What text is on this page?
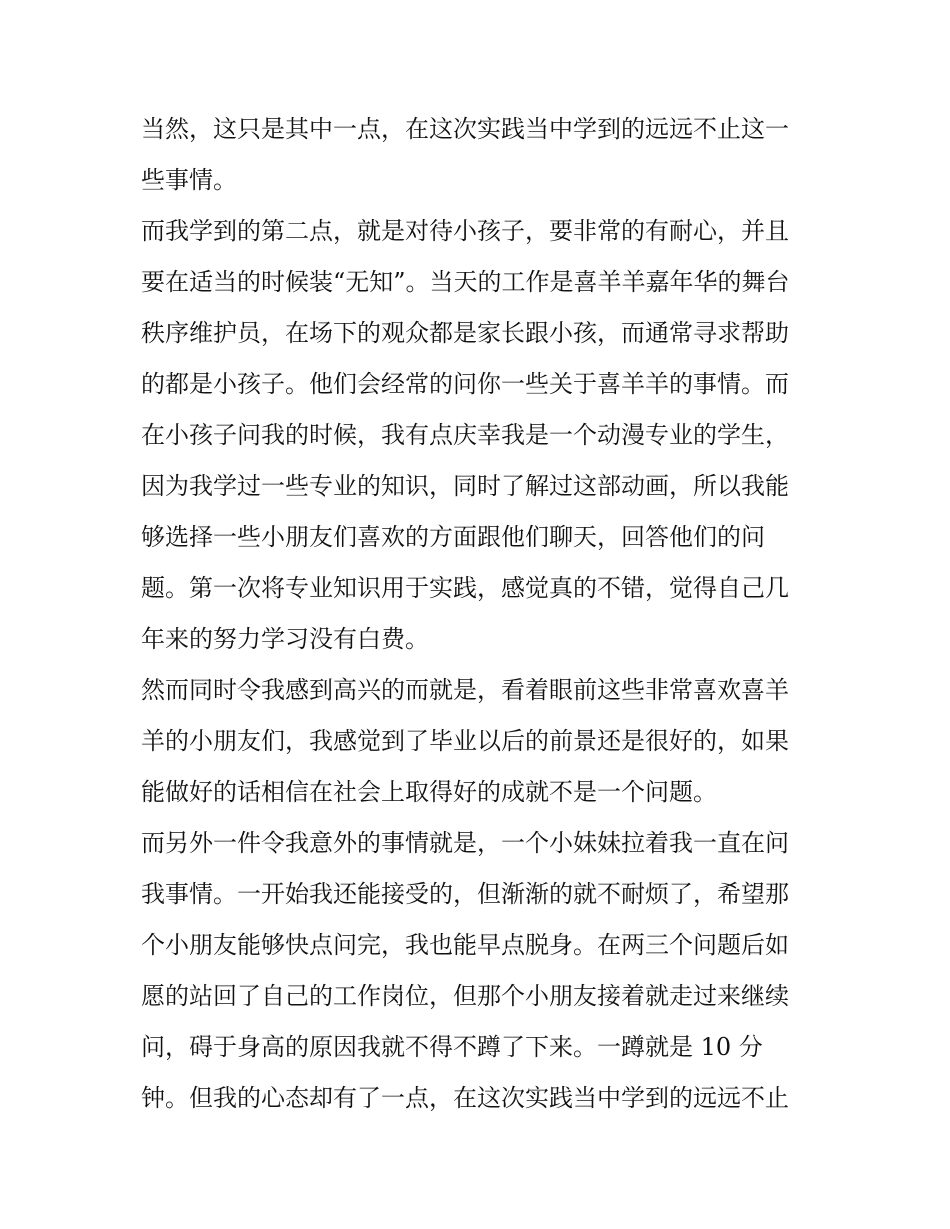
当然，这只是其中一点，在这次实践当中学到的远远不止这一
些事情。
而我学到的第二点，就是对待小孩子，要非常的有耐心，并且
要在适当的时候装“无知”。当天的工作是喜羊羊嘉年华的舞台
秩序维护员，在场下的观众都是家长跟小孩，而通常寻求帮助
的都是小孩子。他们会经常的问你一些关于喜羊羊的事情。而
在小孩子问我的时候，我有点庆幸我是一个动漫专业的学生，
因为我学过一些专业的知识，同时了解过这部动画，所以我能
够选择一些小朋友们喜欢的方面跟他们聊天，回答他们的问
题。第一次将专业知识用于实践，感觉真的不错，觉得自己几
年来的努力学习没有白费。
然而同时令我感到高兴的而就是，看着眼前这些非常喜欢喜羊
羊的小朋友们，我感觉到了毕业以后的前景还是很好的，如果
能做好的话相信在社会上取得好的成就不是一个问题。
而另外一件令我意外的事情就是，一个小妹妹拉着我一直在问
我事情。一开始我还能接受的，但渐渐的就不耐烦了，希望那
个小朋友能够快点问完，我也能早点脱身。在两三个问题后如
愿的站回了自己的工作岗位，但那个小朋友接着就走过来继续
问，碍于身高的原因我就不得不蹲了下来。一蹲就是 10 分
钟。但我的心态却有了一点，在这次实践当中学到的远远不止
